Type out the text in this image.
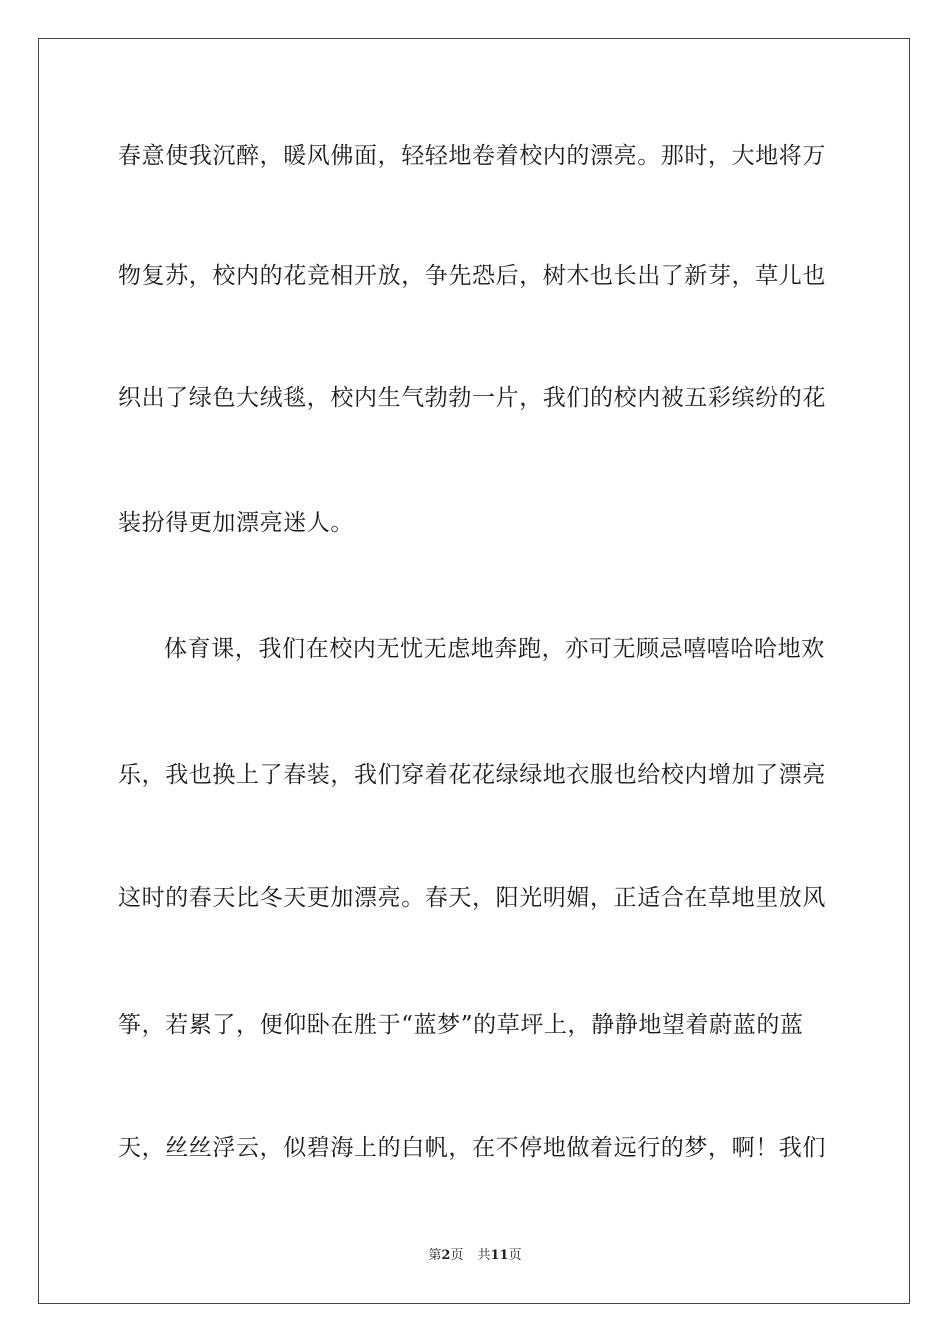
春意使我沉醉，暖风佛面，轻轻地卷着校内的漂亮。那时，大地将万
物复苏，校内的花竞相开放，争先恐后，树木也长出了新芽，草儿也
织出了绿色大绒毯，校内生气勃勃一片，我们的校内被五彩缤纷的花
装扮得更加漂亮迷人。
体育课，我们在校内无忧无虑地奔跑，亦可无顾忌嘻嘻哈哈地欢
乐，我也换上了春装，我们穿着花花绿绿地衣服也给校内增加了漂亮
这时的春天比冬天更加漂亮。春天，阳光明媚，正适合在草地里放风
筝，若累了，便仰卧在胜于“蓝梦”的草坪上，静静地望着蔚蓝的蓝
天，丝丝浮云，似碧海上的白帆，在不停地做着远行的梦，啊！我们
第2页 共11页
